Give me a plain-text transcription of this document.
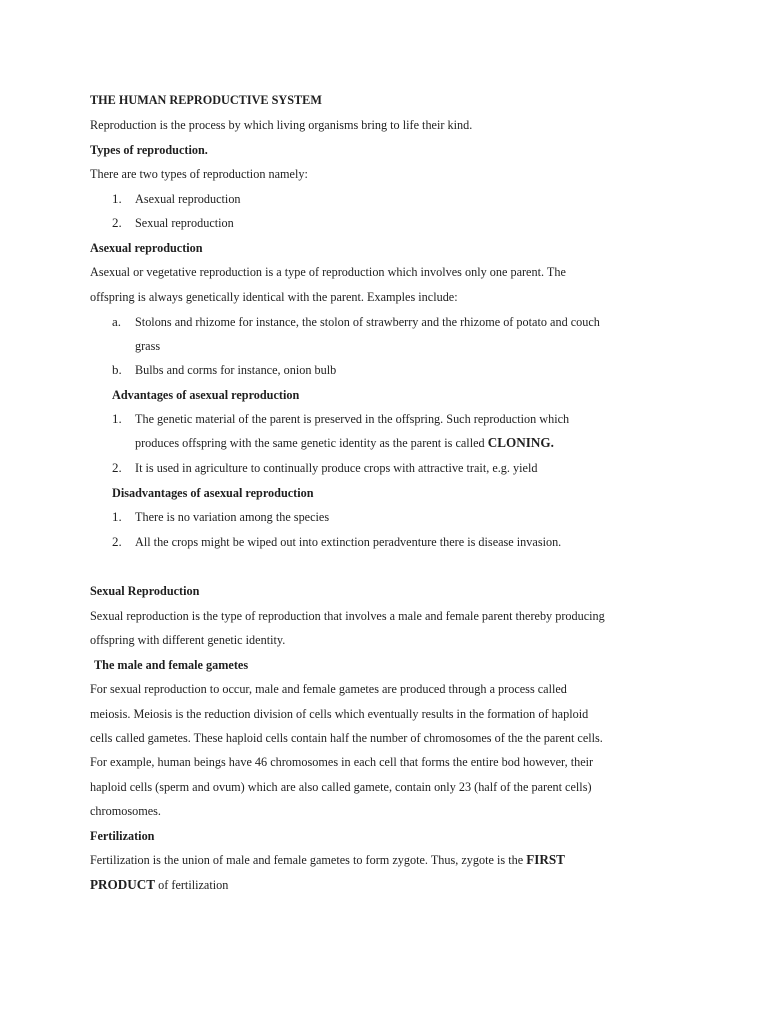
THE HUMAN REPRODUCTIVE SYSTEM
Reproduction is the process by which living organisms bring to life their kind.
Types of reproduction.
There are two types of reproduction namely:
1. Asexual reproduction
2. Sexual reproduction
Asexual reproduction
Asexual or vegetative reproduction is a type of reproduction which involves only one parent. The
offspring is always genetically identical with the parent. Examples include:
a. Stolons and rhizome for instance, the stolon of strawberry and the rhizome of potato and couch
grass
b. Bulbs and corms for instance, onion bulb
Advantages of asexual reproduction
1. The genetic material of the parent is preserved in the offspring. Such reproduction which
produces offspring with the same genetic identity as the parent is called CLONING.
2. It is used in agriculture to continually produce crops with attractive trait, e.g. yield
Disadvantages of asexual reproduction
1. There is no variation among the species
2. All the crops might be wiped out into extinction peradventure there is disease invasion.
Sexual Reproduction
Sexual reproduction is the type of reproduction that involves a male and female parent thereby producing
offspring with different genetic identity.
The male and female gametes
For sexual reproduction to occur, male and female gametes are produced through a process called
meiosis. Meiosis is the reduction division of cells which eventually results in the formation of haploid
cells called gametes. These haploid cells contain half the number of chromosomes of the the parent cells.
For example, human beings have 46 chromosomes in each cell that forms the entire bod however, their
haploid cells (sperm and ovum) which are also called gamete, contain only 23 (half of the parent cells)
chromosomes.
Fertilization
Fertilization is the union of male and female gametes to form zygote. Thus, zygote is the FIRST
PRODUCT of fertilization
